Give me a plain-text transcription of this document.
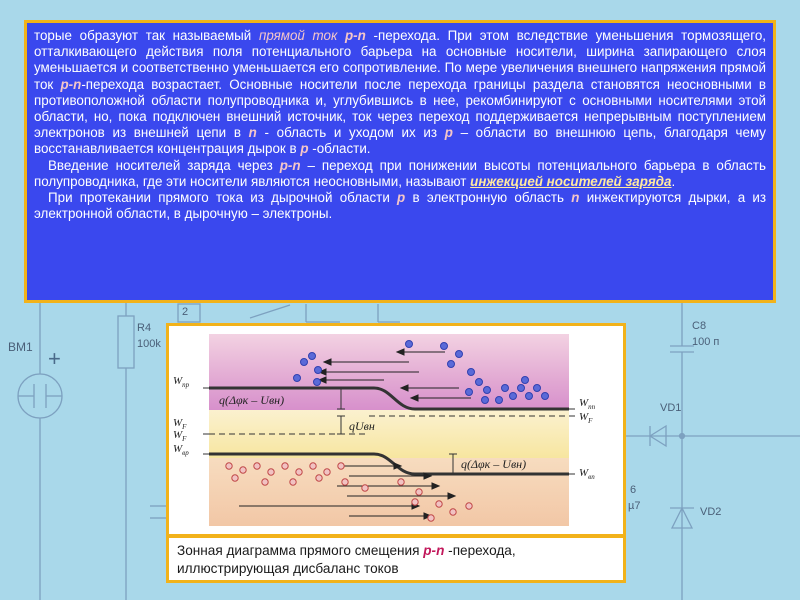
BM1 +
R4
100k
C8
100 п
VD1
VD2
2
6
µ7

торые образуют так называемый прямой ток p-n -перехода. При этом вследствие уменьшения тормозящего, отталкивающего действия поля потенциального барьера на основные носители, ширина запирающего слоя уменьшается и соответственно уменьшается его сопротивление. По мере увеличения внешнего напряжения прямой ток p-n-перехода возрастает. Основные носители после перехода границы раздела становятся неосновными в противоположной области полупроводника и, углубившись в нее, рекомбинируют с основными носителями этой области, но, пока подключен внешний источник, ток через переход поддерживается непрерывным поступлением электронов из внешней цепи в n - область и уходом их из p – области во внешнюю цепь, благодаря чему восстанавливается концентрация дырок в р -области.

Введение носителей заряда через p-n – переход при понижении высоты потенциального барьера в область полупроводника, где эти носители являются неосновными, называют инжекцией носителей заряда.

При протекании прямого тока из дырочной области p в электронную область n инжектируются дырки, а из электронной области, в дырочную – электроны.

$W_{пр}$
$W_F$
$W_F$
$W_{вр}$
$W_{пn}$
$W_F$
$W_{вn}$
q(Δφк – Uвн)
qUвн
q(Δφк – Uвн)
Зонная диаграмма прямого смещения p-n -перехода, иллюстрирующая дисбаланс токов
